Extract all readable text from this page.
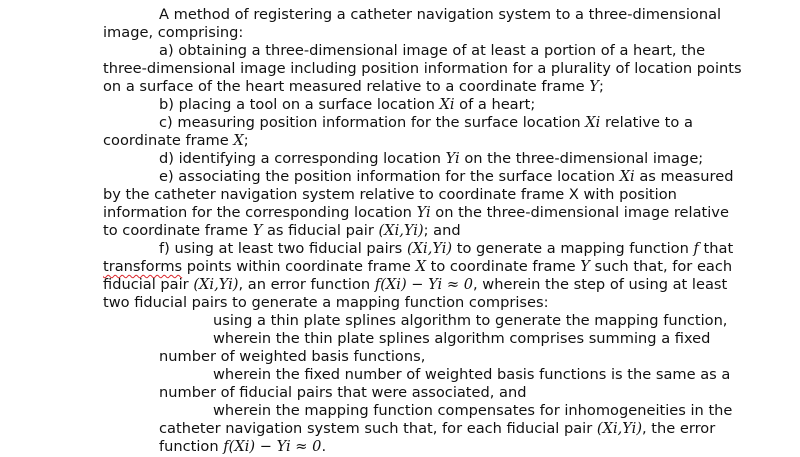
A method of registering a catheter navigation system to a three-dimensional
image, comprising:
a) obtaining a three-dimensional image of at least a portion of a heart, the
three-dimensional image including position information for a plurality of location points
on a surface of the heart measured relative to a coordinate frame Y;
b) placing a tool on a surface location Xi of a heart;
c) measuring position information for the surface location Xi relative to a
coordinate frame X;
d) identifying a corresponding location Yi on the three-dimensional image;
e) associating the position information for the surface location Xi as measured
by the catheter navigation system relative to coordinate frame X with position
information for the corresponding location Yi on the three-dimensional image relative
to coordinate frame Y as fiducial pair (Xi,Yi); and
f) using at least two fiducial pairs (Xi,Yi) to generate a mapping function f that
transforms points within coordinate frame X to coordinate frame Y such that, for each
fiducial pair (Xi,Yi), an error function f(Xi) − Yi ≈ 0, wherein the step of using at least
two fiducial pairs to generate a mapping function comprises:
using a thin plate splines algorithm to generate the mapping function,
wherein the thin plate splines algorithm comprises summing a fixed
number of weighted basis functions,
wherein the fixed number of weighted basis functions is the same as a
number of fiducial pairs that were associated, and
wherein the mapping function compensates for inhomogeneities in the
catheter navigation system such that, for each fiducial pair (Xi,Yi), the error
function f(Xi) − Yi ≈ 0.
